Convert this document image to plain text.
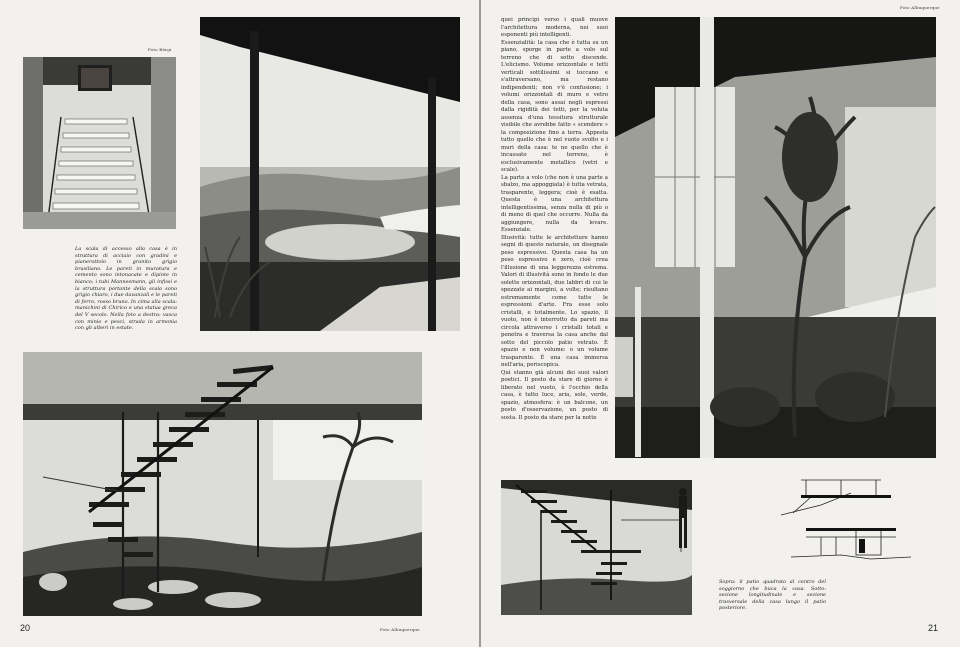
Foto Bürgi
La scala di accesso alla casa è in struttura di acciaio con gradini e pianerottolo in granito grigio brasiliano. Le pareti in muratura e cemento sono intonacate e dipinte in bianco; i tubi Mannesmann, gli infissi e la struttura portante della scala sono grigio chiaro, i due davanzali e le pareti di ferro, rosso bruno. In cima alla scala: manichini di Chirico e una statua greca del V secolo. Nella foto a destra: vasca con minio e pesci, strada in armonia con gli alberi in estate.
20	Foto Albuquerque
Foto Albuquerque

quei principi verso i quali muove l'architettura moderna, nei suoi esponenti più intelligenti.

Essenzialità: la casa che è tutta su un piano, sporge in parte a volo sul terreno che di sotto discende. L'elicismo. Volume orizzontale e tetti verticali sottilissimi si toccano e s'attraversano, ma restano indipendenti; non v'è confusione; i volumi orizzontali di muro e vetro della casa, sono assai negli espressi dalla rigidità dei tetti, per la voluta assenza d'una tessitura strutturale visibile che avrebbe fatto « scendere » la composizione fino a terra. Appesta tutto quello che è nel vuoto svolto e i muri della casa: te ne quello che è incassato nel terreno, è esclusivamente metallico (vetri e scale).

La parte a volo (che non è una parte a sbalzo, ma appoggiata) è tutta vetrata, trasparente, leggera; cioè è esatta. Questa è una architettura intelligentissima, senza nulla di più o di meno di quel che occorre. Nulla da aggiungere, nulla da levare. Essenziale.

Illusività: tutte le architetture hanno segni di questo naturale, un disegnale peso espressivo. Questa casa ha un peso espressivo e zero, cioè crea l'illusione di una leggerezza estrema. Valori di illusività sono in fondo le due solette orizzontali, due labbri di cui le spezzate ai margini, a volte; risultano estremamente come tutte le espressioni d'arte. Fra esse solo cristalli, e totalmente. Lo spazio, il vuoto, non è interrotto da pareti ma circola attraverso i cristalli totali e penetra e traversa la casa anche dal sotto del piccolo patio vetrato. È spazio e non volume: o un volume trasparente. È una casa immersa nell'aria, periscopica.

Qui stanno già alcuni dei suoi valori poetici. Il posto da stare di giorno è liberato nel vuoto, è l'occhio della casa, è tutto luce, aria, sole, verde, spazio, atmosfera: è un balcone, un posto d'osservazione, un posto di sosta. Il posto da stare per la notte

Sopra: il patio quadrato al centro del soggiorno che buca la casa. Sotto: sezione longitudinale e sezione trasversale della casa lungo il patio posteriore.
21
